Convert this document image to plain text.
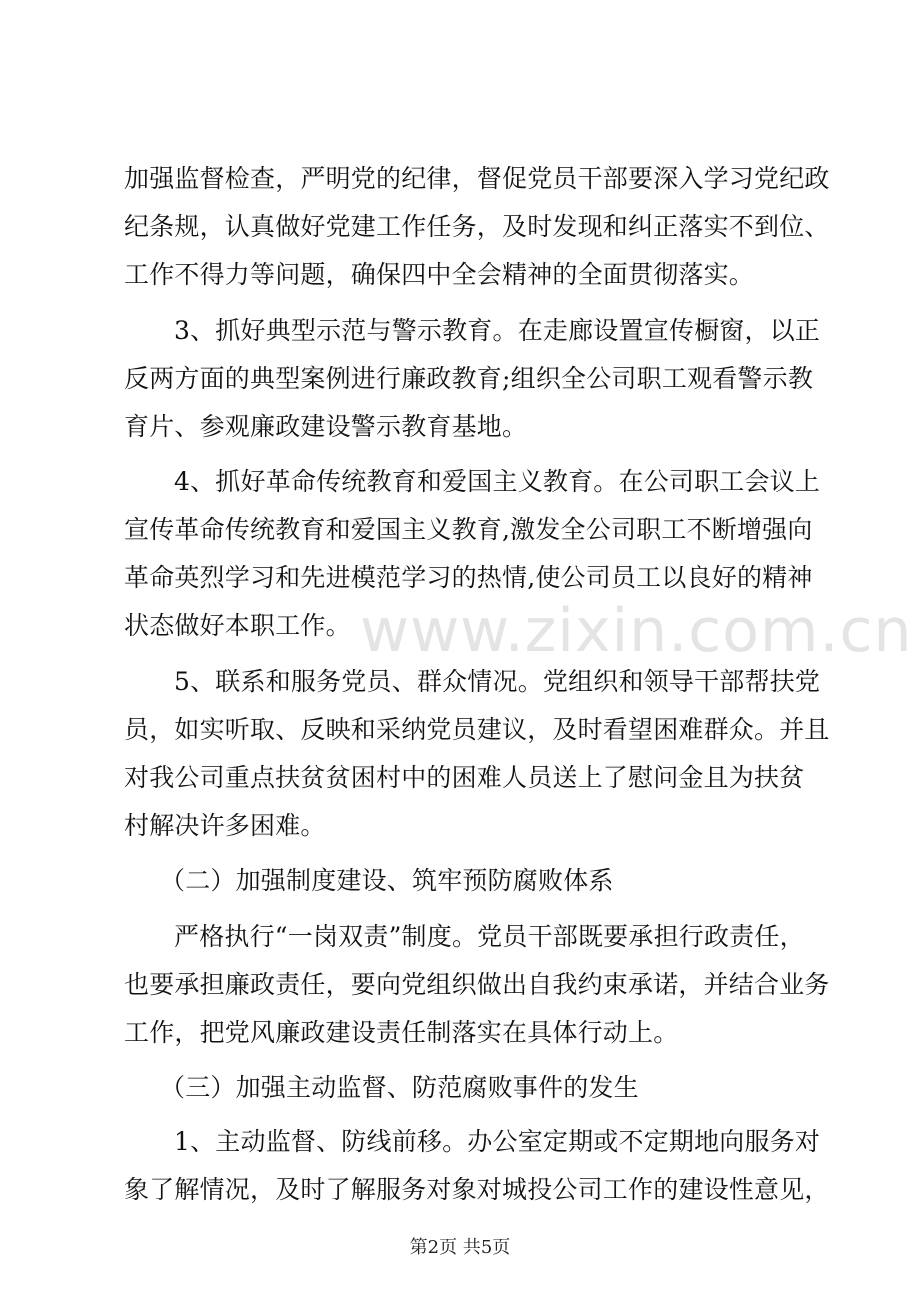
www.zixin.com.cn
加强监督检查，严明党的纪律，督促党员干部要深入学习党纪政
纪条规，认真做好党建工作任务，及时发现和纠正落实不到位、
工作不得力等问题，确保四中全会精神的全面贯彻落实。
3、抓好典型示范与警示教育。在走廊设置宣传橱窗，以正
反两方面的典型案例进行廉政教育;组织全公司职工观看警示教
育片、参观廉政建设警示教育基地。
4、抓好革命传统教育和爱国主义教育。在公司职工会议上
宣传革命传统教育和爱国主义教育,激发全公司职工不断增强向
革命英烈学习和先进模范学习的热情,使公司员工以良好的精神
状态做好本职工作。
5、联系和服务党员、群众情况。党组织和领导干部帮扶党
员，如实听取、反映和采纳党员建议，及时看望困难群众。并且
对我公司重点扶贫贫困村中的困难人员送上了慰问金且为扶贫
村解决许多困难。
（二）加强制度建设、筑牢预防腐败体系
严格执行“一岗双责”制度。党员干部既要承担行政责任，
也要承担廉政责任，要向党组织做出自我约束承诺，并结合业务
工作，把党风廉政建设责任制落实在具体行动上。
（三）加强主动监督、防范腐败事件的发生
1、主动监督、防线前移。办公室定期或不定期地向服务对
象了解情况，及时了解服务对象对城投公司工作的建设性意见，
第2页 共5页
